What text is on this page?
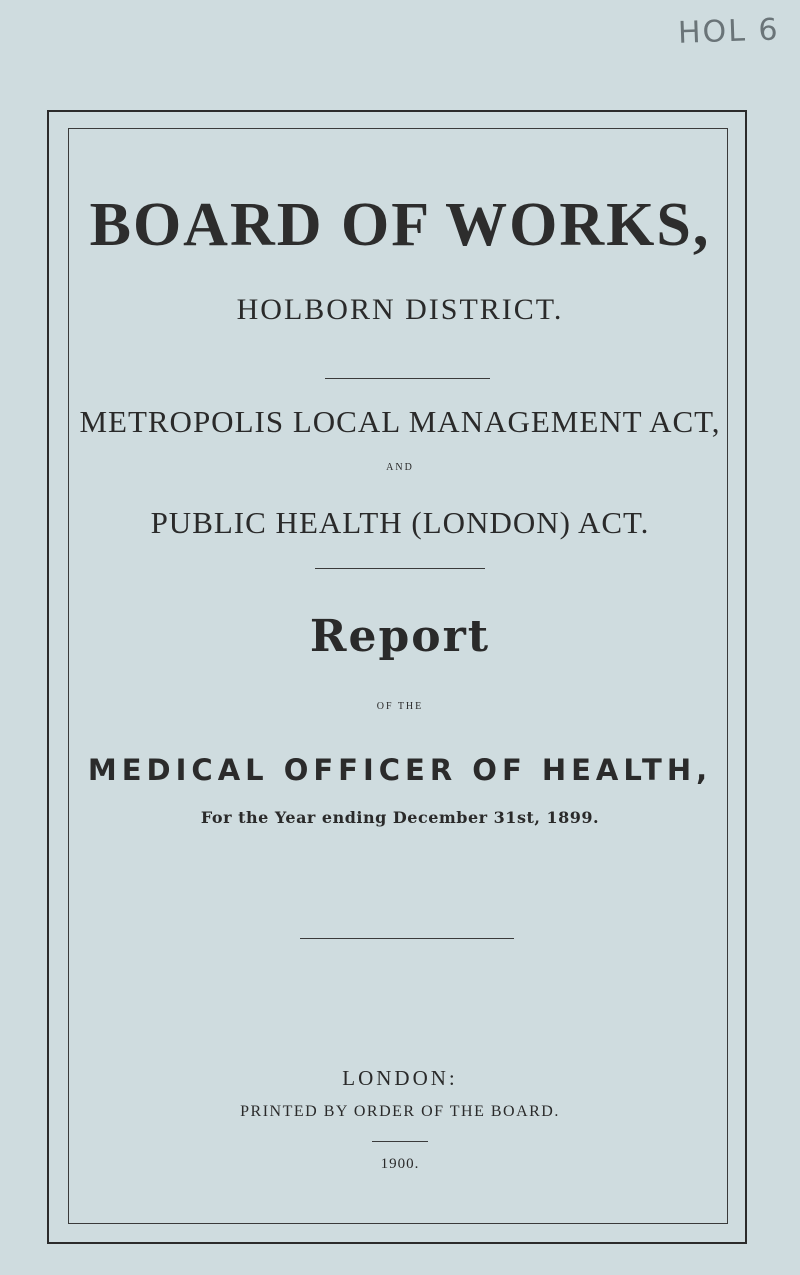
HOL 6
BOARD OF WORKS,
HOLBORN DISTRICT.
METROPOLIS LOCAL MANAGEMENT ACT,
AND
PUBLIC HEALTH (LONDON) ACT.
Report
OF THE
MEDICAL OFFICER OF HEALTH,
For the Year ending December 31st, 1899.
LONDON:
PRINTED BY ORDER OF THE BOARD.
1900.
